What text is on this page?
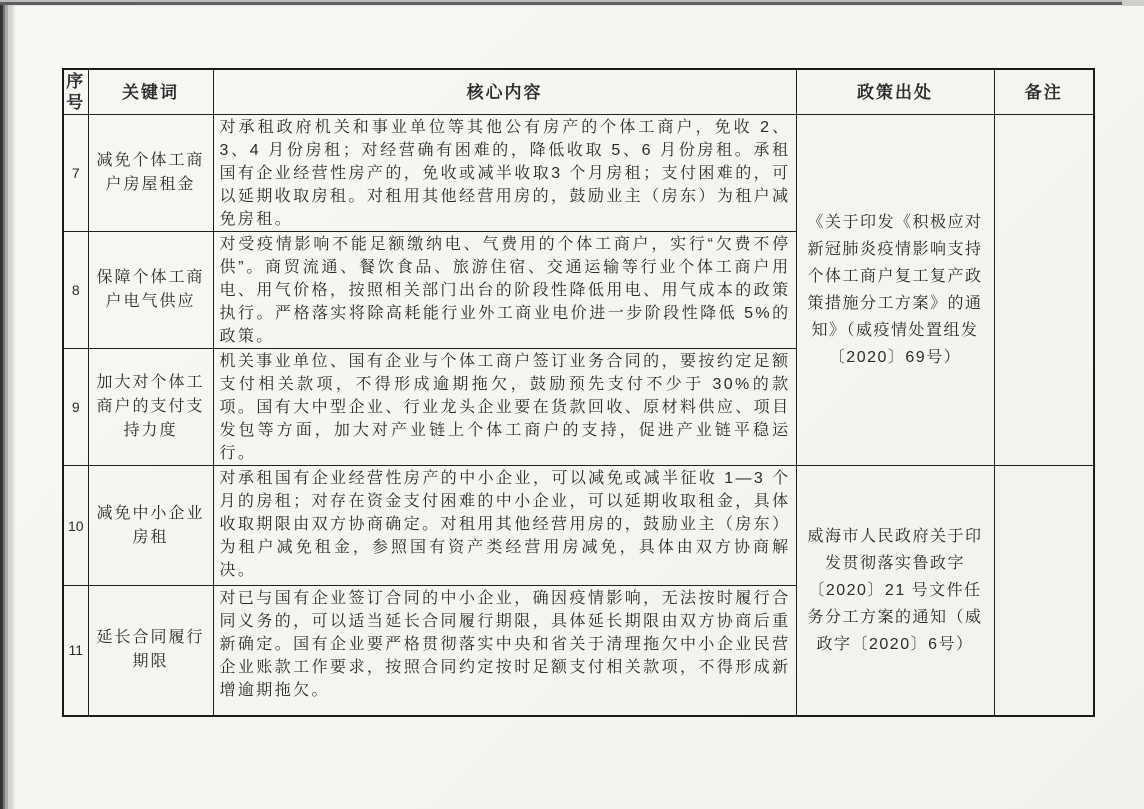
序号	关键词	核心内容	政策出处	备注
7	减免个体工商户房屋租金	对承租政府机关和事业单位等其他公有房产的个体工商户，免收 2、3、4 月份房租；对经营确有困难的，降低收取 5、6 月份房租。承租国有企业经营性房产的，免收或减半收取3 个月房租；支付困难的，可以延期收取房租。对租用其他经营用房的，鼓励业主（房东）为租户减免房租。	《关于印发《积极应对新冠肺炎疫情影响支持个体工商户复工复产政策措施分工方案》的通知》（威疫情处置组发〔2020〕69号）	
8	保障个体工商户电气供应	对受疫情影响不能足额缴纳电、气费用的个体工商户，实行“欠费不停供”。商贸流通、餐饮食品、旅游住宿、交通运输等行业个体工商户用电、用气价格，按照相关部门出台的阶段性降低用电、用气成本的政策执行。严格落实将除高耗能行业外工商业电价进一步阶段性降低 5%的政策。		
9	加大对个体工商户的支付支持力度	机关事业单位、国有企业与个体工商户签订业务合同的，要按约定足额支付相关款项，不得形成逾期拖欠，鼓励预先支付不少于 30%的款项。国有大中型企业、行业龙头企业要在货款回收、原材料供应、项目发包等方面，加大对产业链上个体工商户的支持，促进产业链平稳运行。		
10	减免中小企业房租	对承租国有企业经营性房产的中小企业，可以减免或减半征收 1—3 个月的房租；对存在资金支付困难的中小企业，可以延期收取租金，具体收取期限由双方协商确定。对租用其他经营用房的，鼓励业主（房东）为租户减免租金，参照国有资产类经营用房减免，具体由双方协商解决。	威海市人民政府关于印发贯彻落实鲁政字〔2020〕21 号文件任务分工方案的通知（威政字〔2020〕6号）	
11	延长合同履行期限	对已与国有企业签订合同的中小企业，确因疫情影响，无法按时履行合同义务的，可以适当延长合同履行期限，具体延长期限由双方协商后重新确定。国有企业要严格贯彻落实中央和省关于清理拖欠中小企业民营企业账款工作要求，按照合同约定按时足额支付相关款项，不得形成新增逾期拖欠。		
